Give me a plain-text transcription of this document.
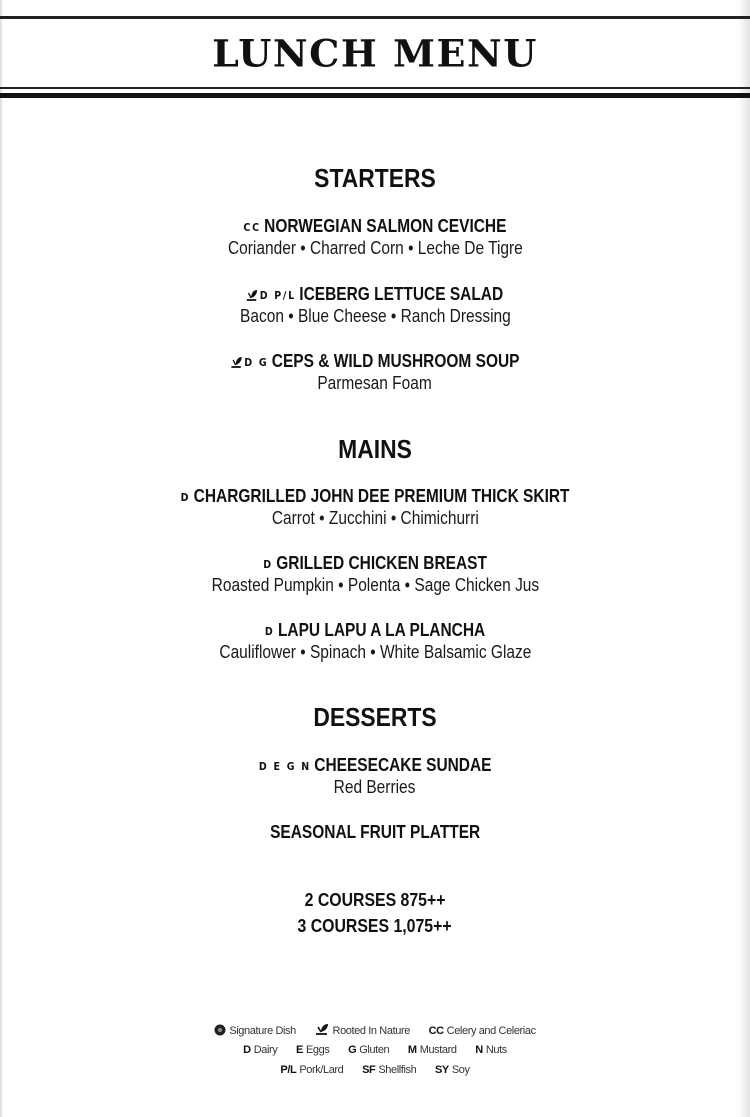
LUNCH MENU
STARTERS
CC NORWEGIAN SALMON CEVICHE
Coriander • Charred Corn • Leche De Tigre
D P/L ICEBERG LETTUCE SALAD
Bacon • Blue Cheese • Ranch Dressing
D G CEPS & WILD MUSHROOM SOUP
Parmesan Foam
MAINS
D CHARGRILLED JOHN DEE PREMIUM THICK SKIRT
Carrot • Zucchini • Chimichurri
D GRILLED CHICKEN BREAST
Roasted Pumpkin • Polenta • Sage Chicken Jus
D LAPU LAPU A LA PLANCHA
Cauliflower • Spinach • White Balsamic Glaze
DESSERTS
D E G N CHEESECAKE SUNDAE
Red Berries
SEASONAL FRUIT PLATTER
2 COURSES 875++
3 COURSES 1,075++
Signature Dish	Rooted In Nature CC Celery and Celeriac
D Dairy E Eggs G Gluten M Mustard N Nuts
P/L Pork/Lard SF Shellfish SY Soy
